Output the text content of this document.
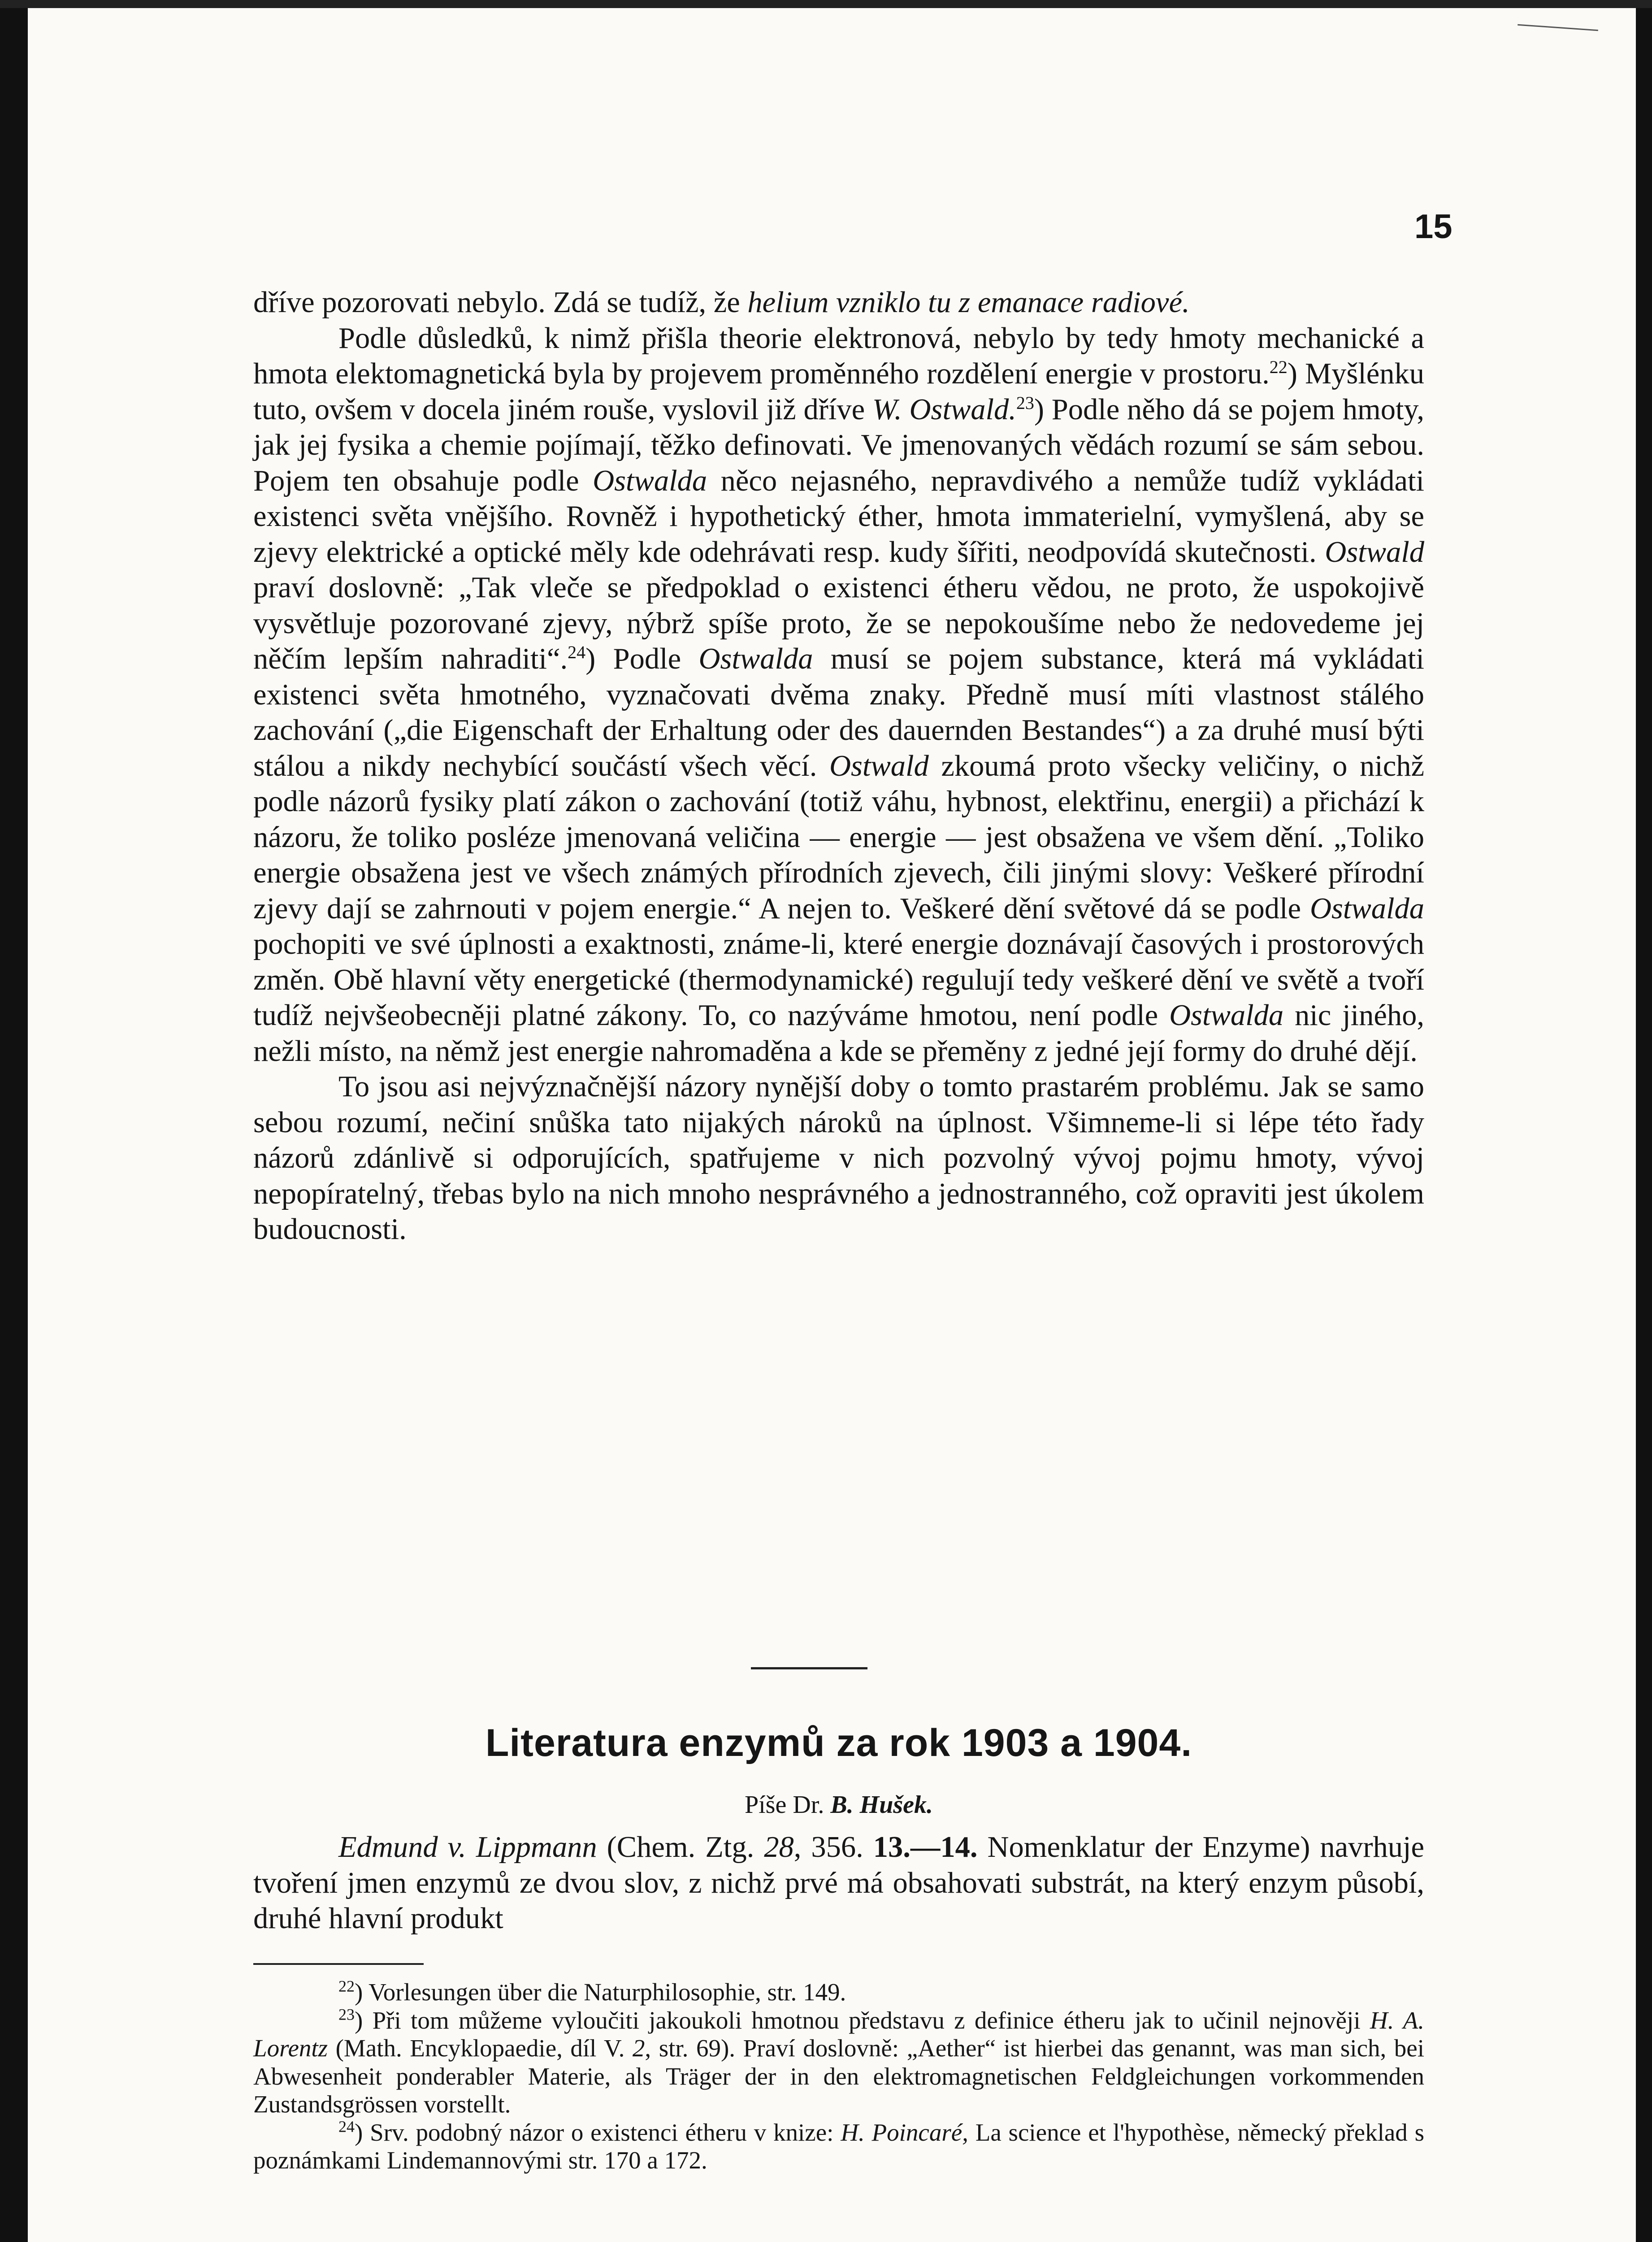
15

dříve pozorovati nebylo. Zdá se tudíž, že helium vzniklo tu z emanace radiové.

Podle důsledků, k nimž přišla theorie elektronová, nebylo by tedy hmoty mechanické a hmota elektomagnetická byla by projevem proměnného rozdělení energie v prostoru.$^{22}$) Myšlénku tuto, ovšem v docela jiném rouše, vyslovil již dříve W. Ostwald.$^{23}$) Podle něho dá se pojem hmoty, jak jej fysika a chemie pojímají, těžko definovati. Ve jmenovaných vědách rozumí se sám sebou. Pojem ten obsahuje podle Ostwalda něco nejasného, nepravdivého a nemůže tudíž vykládati existenci světa vnějšího. Rovněž i hypothetický éther, hmota immaterielní, vymyšlená, aby se zjevy elektrické a optické měly kde odehrávati resp. kudy šířiti, neodpovídá skutečnosti. Ostwald praví doslovně: „Tak vleče se předpoklad o existenci étheru vědou, ne proto, že uspokojivě vysvětluje pozorované zjevy, nýbrž spíše proto, že se nepokoušíme nebo že nedovedeme jej něčím lepším nahraditi“.$^{24}$) Podle Ostwalda musí se pojem substance, která má vykládati existenci světa hmotného, vyznačovati dvěma znaky. Předně musí míti vlastnost stálého zachování („die Eigenschaft der Erhaltung oder des dauernden Bestandes“) a za druhé musí býti stálou a nikdy nechybící součástí všech věcí. Ostwald zkoumá proto všecky veličiny, o nichž podle názorů fysiky platí zákon o zachování (totiž váhu, hybnost, elektřinu, energii) a přichází k názoru, že toliko posléze jmenovaná veličina — energie — jest obsažena ve všem dění. „Toliko energie obsažena jest ve všech známých přírodních zjevech, čili jinými slovy: Veškeré přírodní zjevy dají se zahrnouti v pojem energie.“ A nejen to. Veškeré dění světové dá se podle Ostwalda pochopiti ve své úplnosti a exaktnosti, známe-li, které energie doznávají časových i prostorových změn. Obě hlavní věty energetické (thermodynamické) regulují tedy veškeré dění ve světě a tvoří tudíž nejvšeobecněji platné zákony. To, co nazýváme hmotou, není podle Ostwalda nic jiného, nežli místo, na němž jest energie nahromaděna a kde se přeměny z jedné její formy do druhé dějí.

To jsou asi nejvýznačnější názory nynější doby o tomto prastarém problému. Jak se samo sebou rozumí, nečiní snůška tato nijakých nároků na úplnost. Všimneme-li si lépe této řady názorů zdánlivě si odporujících, spatřujeme v nich pozvolný vývoj pojmu hmoty, vývoj nepopíratelný, třebas bylo na nich mnoho nesprávného a jednostranného, což opraviti jest úkolem budoucnosti.

Literatura enzymů za rok 1903 a 1904.
Píše Dr. B. Hušek.

Edmund v. Lippmann (Chem. Ztg. 28, 356. 13.—14. Nomenklatur der Enzyme) navrhuje tvoření jmen enzymů ze dvou slov, z nichž prvé má obsahovati substrát, na který enzym působí, druhé hlavní produkt

$^{22}$) Vorlesungen über die Naturphilosophie, str. 149.

$^{23}$) Při tom můžeme vyloučiti jakoukoli hmotnou představu z definice étheru jak to učinil nejnověji H. A. Lorentz (Math. Encyklopaedie, díl V. 2, str. 69). Praví doslovně: „Aether“ ist hierbei das genannt, was man sich, bei Abwesenheit ponderabler Materie, als Träger der in den elektromagnetischen Feldgleichungen vorkommenden Zustandsgrössen vorstellt.

$^{24}$) Srv. podobný názor o existenci étheru v knize: H. Poincaré, La science et l'hypothèse, německý překlad s poznámkami Lindemannovými str. 170 a 172.
